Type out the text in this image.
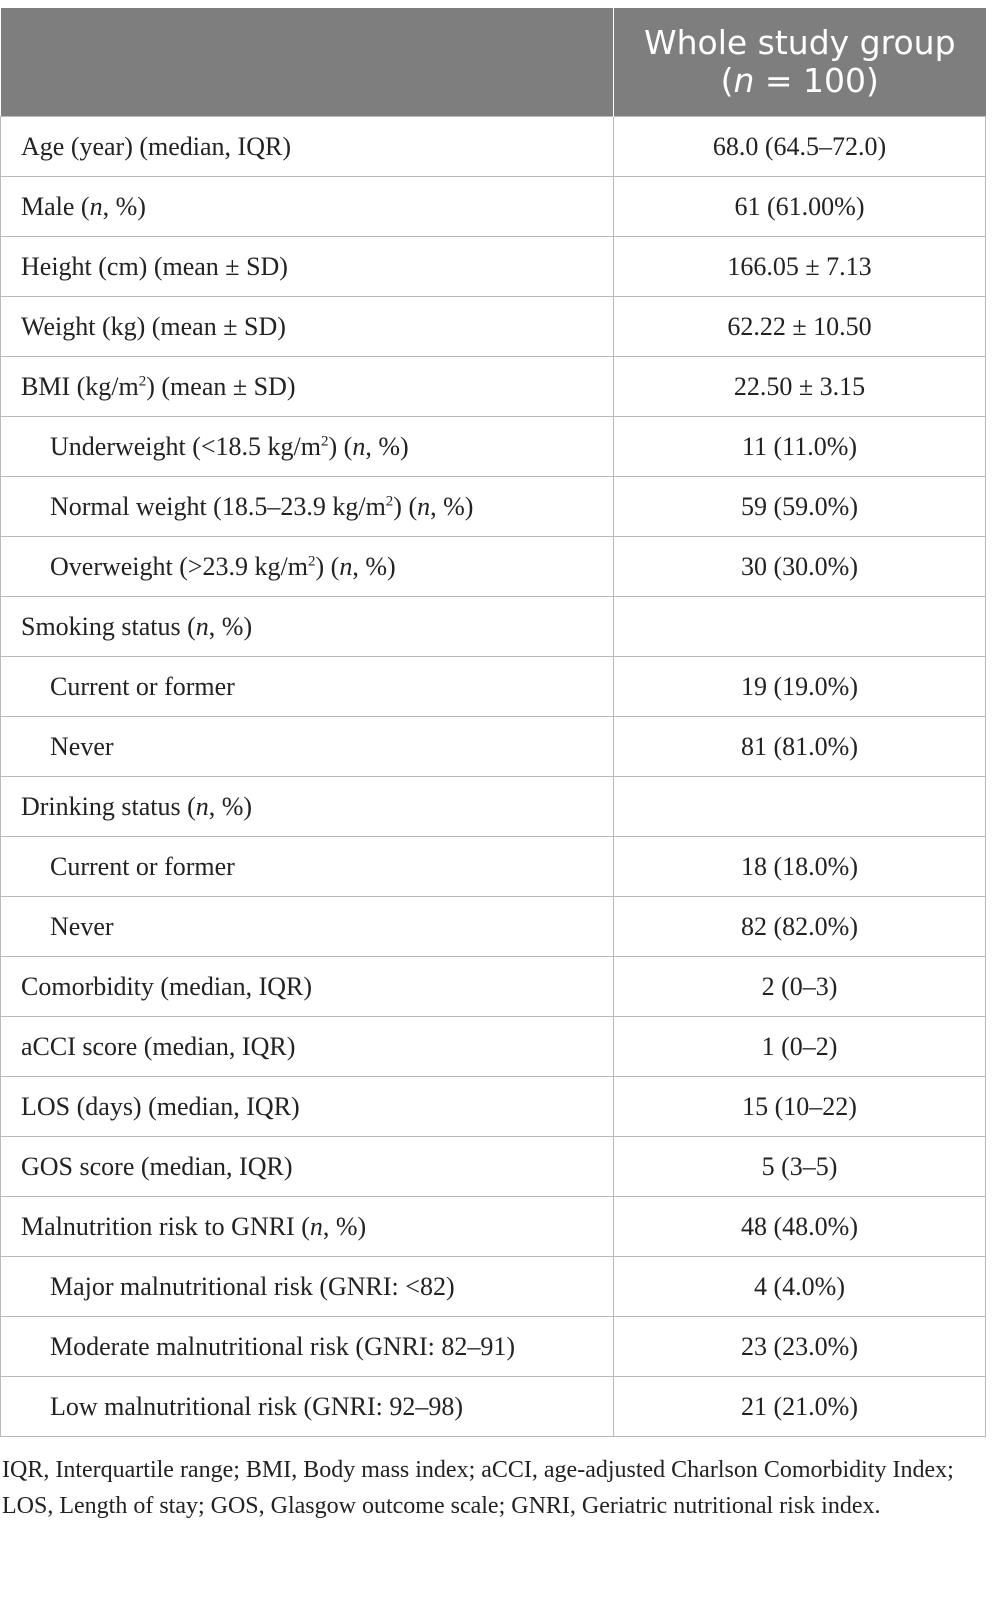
	Whole study group
(n = 100)
Age (year) (median, IQR)	68.0 (64.5–72.0)
Male (n, %)	61 (61.00%)
Height (cm) (mean ± SD)	166.05 ± 7.13
Weight (kg) (mean ± SD)	62.22 ± 10.50
BMI $(kg/m^2)$ (mean ± SD)	22.50 ± 3.15
Underweight (<18.5 $kg/m^2$) (n, %)	11 (11.0%)
Normal weight (18.5–23.9 $kg/m^2$) (n, %)	59 (59.0%)
Overweight (>23.9 $kg/m^2$) (n, %)	30 (30.0%)
Smoking status (n, %)	
Current or former	19 (19.0%)
Never	81 (81.0%)
Drinking status (n, %)	
Current or former	18 (18.0%)
Never	82 (82.0%)
Comorbidity (median, IQR)	2 (0–3)
aCCI score (median, IQR)	1 (0–2)
LOS (days) (median, IQR)	15 (10–22)
GOS score (median, IQR)	5 (3–5)
Malnutrition risk to GNRI (n, %)	48 (48.0%)
Major malnutritional risk (GNRI: <82)	4 (4.0%)
Moderate malnutritional risk (GNRI: 82–91)	23 (23.0%)
Low malnutritional risk (GNRI: 92–98)	21 (21.0%)
IQR, Interquartile range; BMI, Body mass index; aCCI, age-adjusted Charlson Comorbidity Index; LOS, Length of stay; GOS, Glasgow outcome scale; GNRI, Geriatric nutritional risk index.
